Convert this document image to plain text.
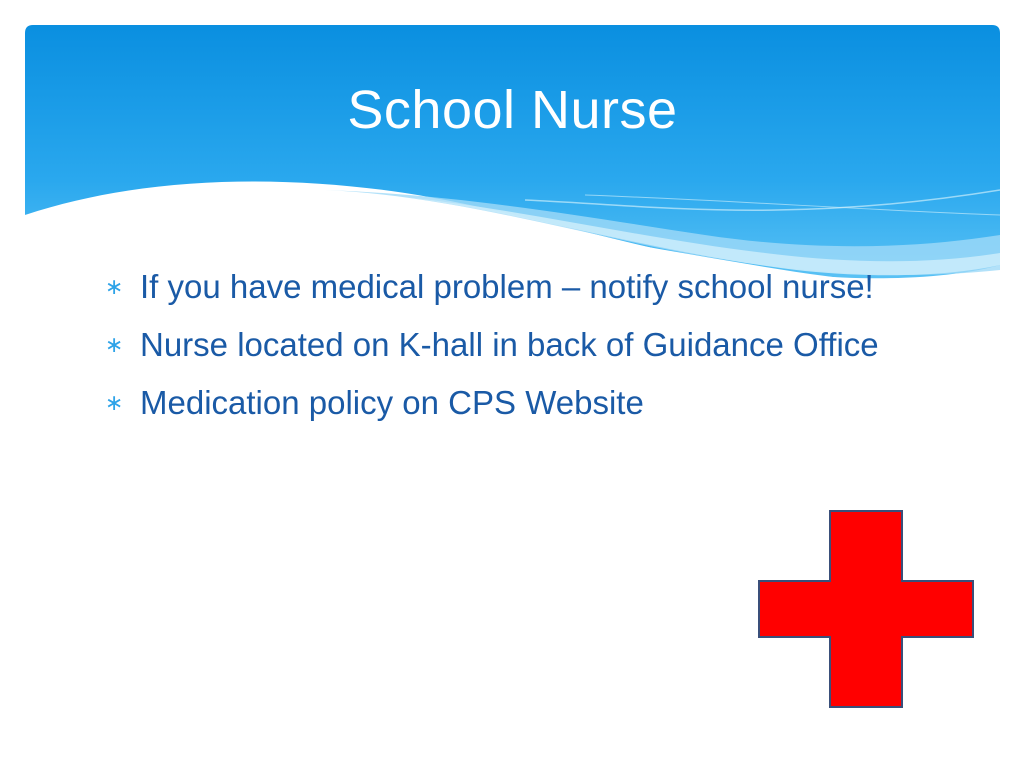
School Nurse
∗ If you have medical problem – notify school nurse!
∗ Nurse located on K-hall in back of Guidance Office
∗ Medication policy on CPS Website
